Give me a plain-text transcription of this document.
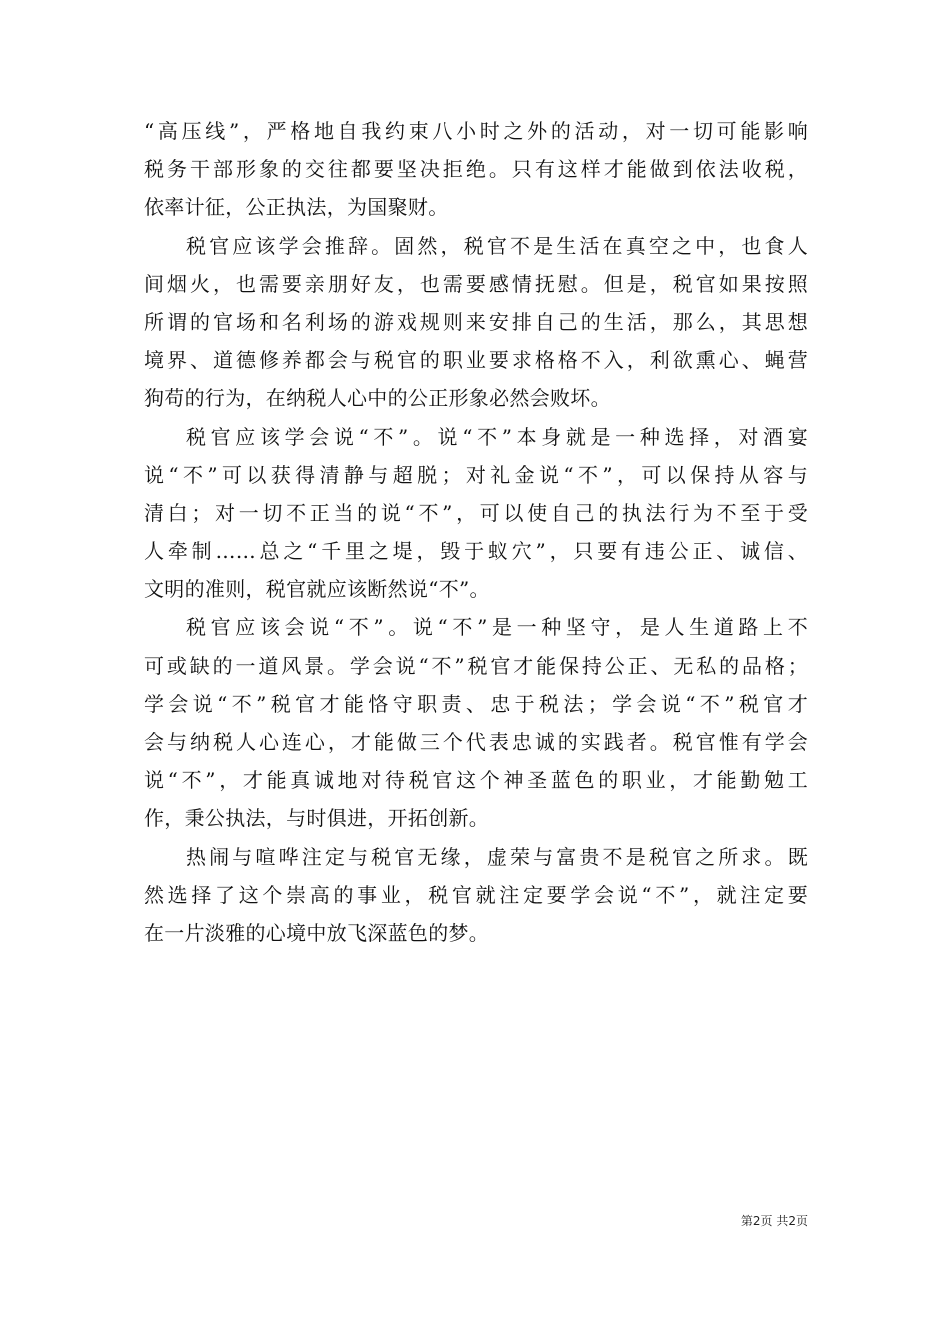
“高压线”，严格地自我约束八小时之外的活动，对一切可能影响
税务干部形象的交往都要坚决拒绝。只有这样才能做到依法收税，
依率计征，公正执法，为国聚财。
税官应该学会推辞。固然，税官不是生活在真空之中，也食人
间烟火，也需要亲朋好友，也需要感情抚慰。但是，税官如果按照
所谓的官场和名利场的游戏规则来安排自己的生活，那么，其思想
境界、道德修养都会与税官的职业要求格格不入，利欲熏心、蝇营
狗苟的行为，在纳税人心中的公正形象必然会败坏。
税官应该学会说“不”。说“不”本身就是一种选择，对酒宴
说“不”可以获得清静与超脱；对礼金说“不”，可以保持从容与
清白；对一切不正当的说“不”，可以使自己的执法行为不至于受
人牵制……总之“千里之堤，毁于蚁穴”，只要有违公正、诚信、
文明的准则，税官就应该断然说“不”。
税官应该会说“不”。说“不”是一种坚守，是人生道路上不
可或缺的一道风景。学会说“不”税官才能保持公正、无私的品格；
学会说“不”税官才能恪守职责、忠于税法；学会说“不”税官才
会与纳税人心连心，才能做三个代表忠诚的实践者。税官惟有学会
说“不”，才能真诚地对待税官这个神圣蓝色的职业，才能勤勉工
作，秉公执法，与时俱进，开拓创新。
热闹与喧哗注定与税官无缘，虚荣与富贵不是税官之所求。既
然选择了这个崇高的事业，税官就注定要学会说“不”，就注定要
在一片淡雅的心境中放飞深蓝色的梦。
第2页 共2页
